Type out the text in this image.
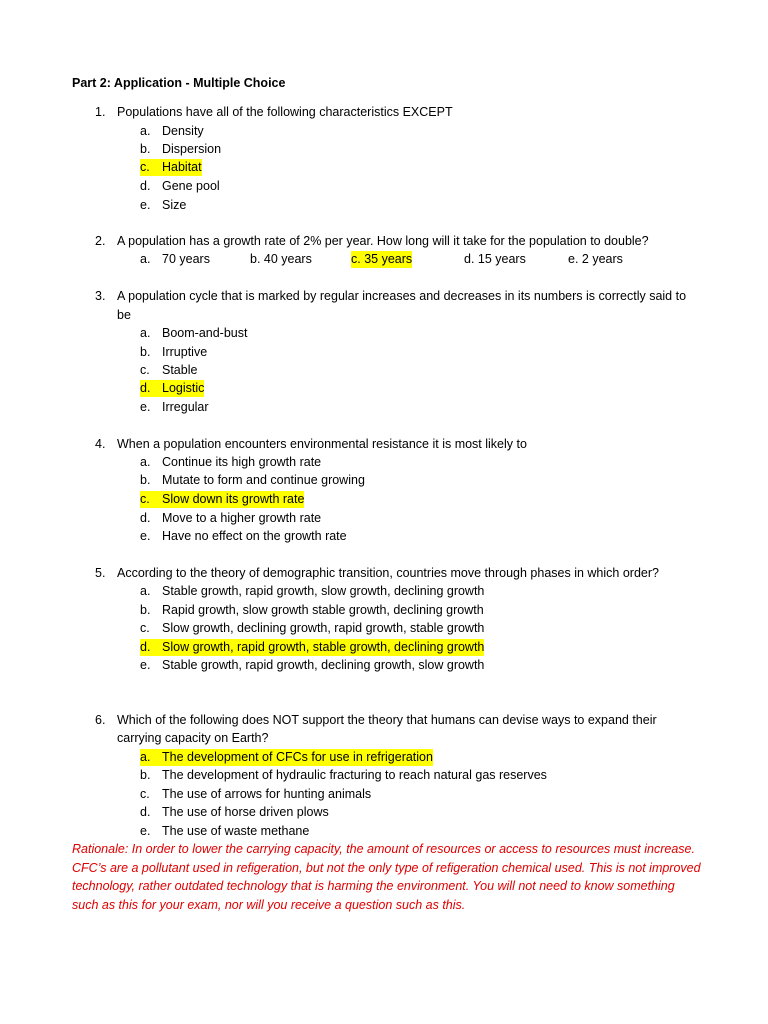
Part 2: Application - Multiple Choice
1. Populations have all of the following characteristics EXCEPT
a. Density
b. Dispersion
c. Habitat
d. Gene pool
e. Size
2. A population has a growth rate of 2% per year. How long will it take for the population to double?
a. 70 years	b. 40 years	c. 35 years	d. 15 years	e. 2 years
3. A population cycle that is marked by regular increases and decreases in its numbers is correctly said to
be
a. Boom-and-bust
b. Irruptive
c. Stable
d. Logistic
e. Irregular
4. When a population encounters environmental resistance it is most likely to
a. Continue its high growth rate
b. Mutate to form and continue growing
c. Slow down its growth rate
d. Move to a higher growth rate
e. Have no effect on the growth rate
5. According to the theory of demographic transition, countries move through phases in which order?
a. Stable growth, rapid growth, slow growth, declining growth
b. Rapid growth, slow growth stable growth, declining growth
c. Slow growth, declining growth, rapid growth, stable growth
d. Slow growth, rapid growth, stable growth, declining growth
e. Stable growth, rapid growth, declining growth, slow growth
6. Which of the following does NOT support the theory that humans can devise ways to expand their
carrying capacity on Earth?
a. The development of CFCs for use in refrigeration
b. The development of hydraulic fracturing to reach natural gas reserves
c. The use of arrows for hunting animals
d. The use of horse driven plows
e. The use of waste methane
Rationale: In order to lower the carrying capacity, the amount of resources or access to resources must increase. CFC’s are a pollutant used in refigeration, but not the only type of refigeration chemical used. This is not improved technology, rather outdated technology that is harming the environment. You will not need to know something such as this for your exam, nor will you receive a question such as this.
